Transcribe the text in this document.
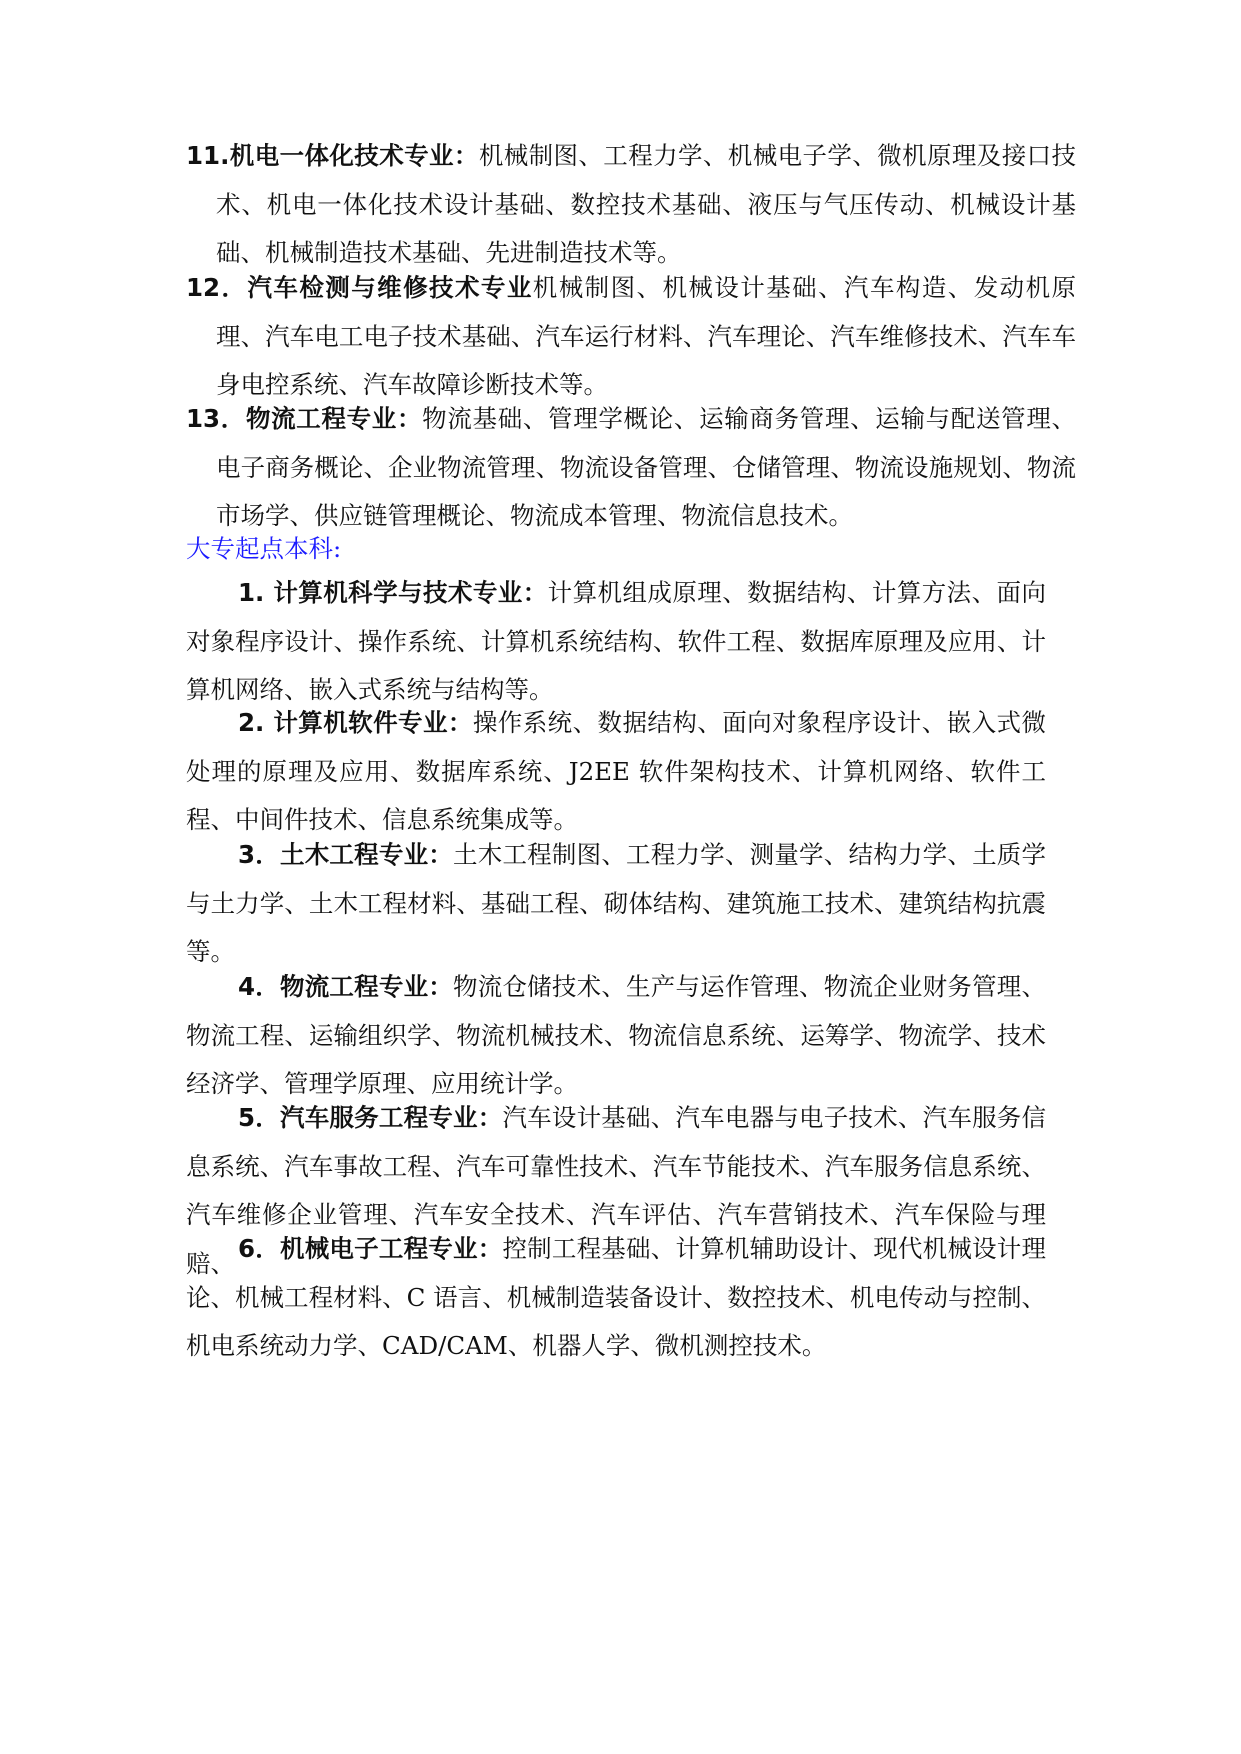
11.机电一体化技术专业：机械制图、工程力学、机械电子学、微机原理及接口技术、机电一体化技术设计基础、数控技术基础、液压与气压传动、机械设计基础、机械制造技术基础、先进制造技术等。

12．汽车检测与维修技术专业机械制图、机械设计基础、汽车构造、发动机原理、汽车电工电子技术基础、汽车运行材料、汽车理论、汽车维修技术、汽车车身电控系统、汽车故障诊断技术等。

13．物流工程专业：物流基础、管理学概论、运输商务管理、运输与配送管理、电子商务概论、企业物流管理、物流设备管理、仓储管理、物流设施规划、物流市场学、供应链管理概论、物流成本管理、物流信息技术。

大专起点本科:

1. 计算机科学与技术专业：计算机组成原理、数据结构、计算方法、面向对象程序设计、操作系统、计算机系统结构、软件工程、数据库原理及应用、计算机网络、嵌入式系统与结构等。

2. 计算机软件专业：操作系统、数据结构、面向对象程序设计、嵌入式微处理的原理及应用、数据库系统、J2EE 软件架构技术、计算机网络、软件工程、中间件技术、信息系统集成等。

3．土木工程专业：土木工程制图、工程力学、测量学、结构力学、土质学与土力学、土木工程材料、基础工程、砌体结构、建筑施工技术、建筑结构抗震等。

4．物流工程专业：物流仓储技术、生产与运作管理、物流企业财务管理、物流工程、运输组织学、物流机械技术、物流信息系统、运筹学、物流学、技术经济学、管理学原理、应用统计学。

5．汽车服务工程专业：汽车设计基础、汽车电器与电子技术、汽车服务信息系统、汽车事故工程、汽车可靠性技术、汽车节能技术、汽车服务信息系统、汽车维修企业管理、汽车安全技术、汽车评估、汽车营销技术、汽车保险与理赔、 6．机械电子工程专业：控制工程基础、计算机辅助设计、现代机械设计理论、机械工程材料、C 语言、机械制造装备设计、数控技术、机电传动与控制、机电系统动力学、CAD/CAM、机器人学、微机测控技术。
